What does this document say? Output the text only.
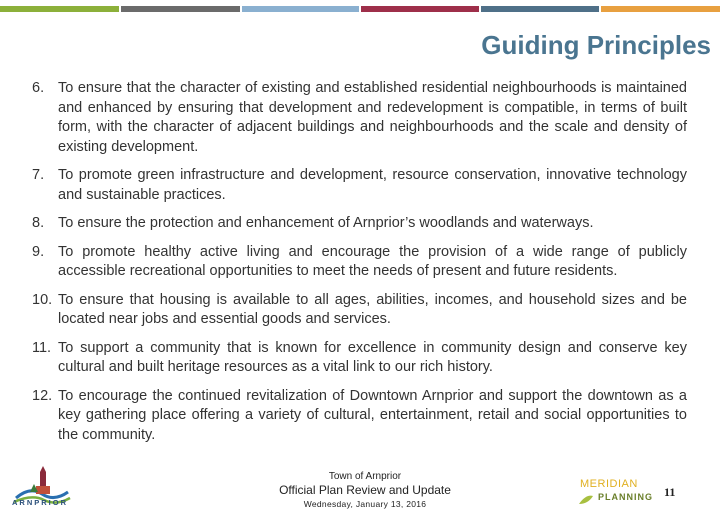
Guiding Principles
6. To ensure that the character of existing and established residential neighbourhoods is maintained and enhanced by ensuring that development and redevelopment is compatible, in terms of built form, with the character of adjacent buildings and neighbourhoods and the scale and density of existing development.
7. To promote green infrastructure and development, resource conservation, innovative technology and sustainable practices.
8. To ensure the protection and enhancement of Arnprior’s woodlands and waterways.
9. To promote healthy active living and encourage the provision of a wide range of publicly accessible recreational opportunities to meet the needs of present and future residents.
10. To ensure that housing is available to all ages, abilities, incomes, and household sizes and be located near jobs and essential goods and services.
11. To support a community that is known for excellence in community design and conserve key cultural and built heritage resources as a vital link to our rich history.
12. To encourage the continued revitalization of Downtown Arnprior and support the downtown as a key gathering place offering a variety of cultural, entertainment, retail and social opportunities to the community.
ARNPRIOR
Town of Arnprior
Official Plan Review and Update
Wednesday, January 13, 2016
MERIDIAN
PLANNING 11
